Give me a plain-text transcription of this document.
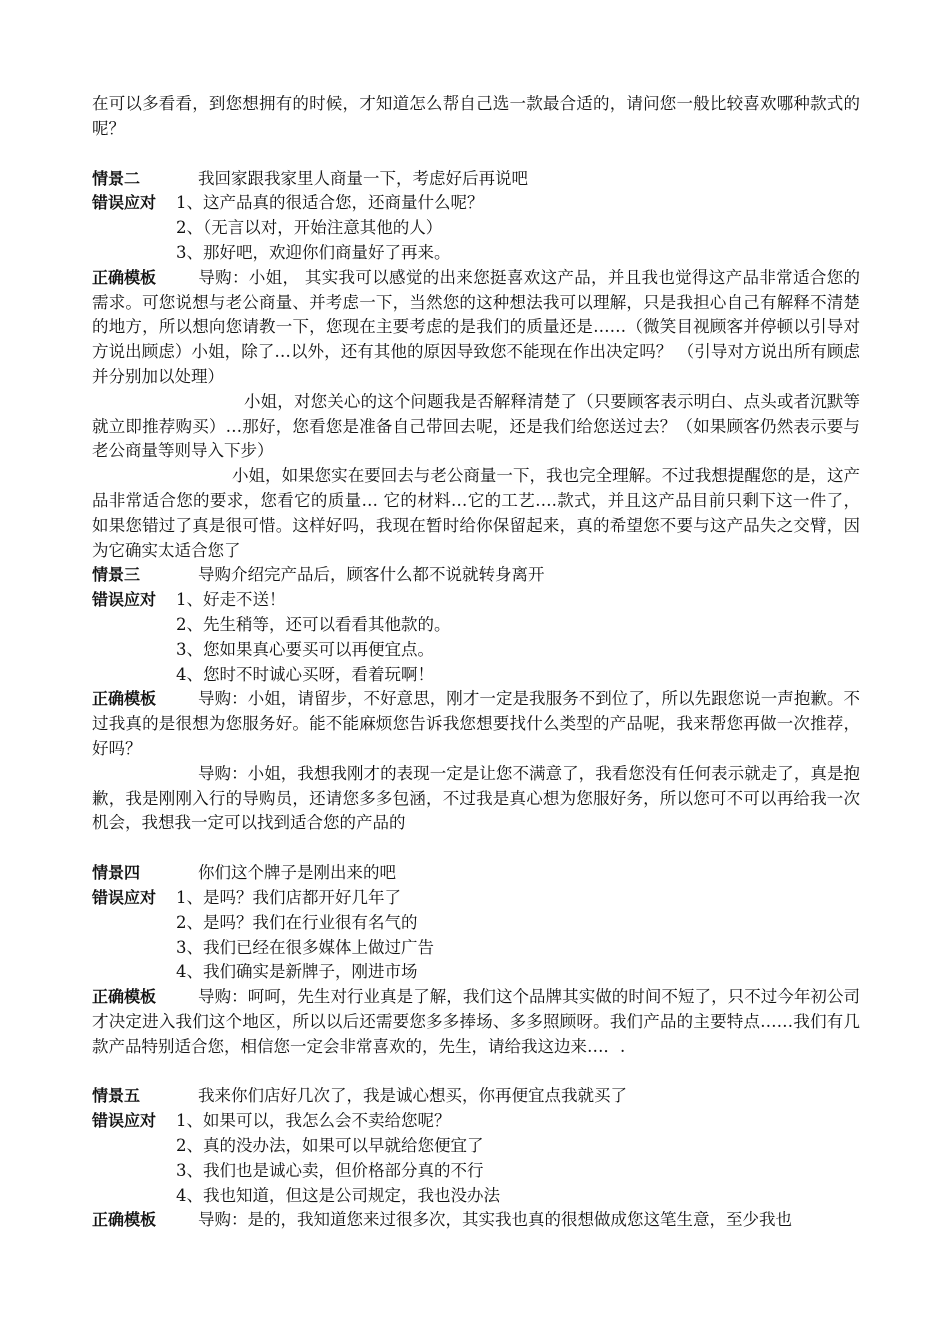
在可以多看看，到您想拥有的时候，才知道怎么帮自己选一款最合适的，请问您一般比较喜欢哪种款式的呢？

情景二	我回家跟我家里人商量一下，考虑好后再说吧
错误应对 1、这产品真的很适合您，还商量什么呢？
2、（无言以对，开始注意其他的人）
3、那好吧，欢迎你们商量好了再来。

正确模板	导购：小姐， 其实我可以感觉的出来您挺喜欢这产品，并且我也觉得这产品非常适合您的需求。可您说想与老公商量、并考虑一下，当然您的这种想法我可以理解，只是我担心自己有解释不清楚的地方，所以想向您请教一下，您现在主要考虑的是我们的质量还是……（微笑目视顾客并停顿以引导对方说出顾虑）小姐，除了…以外，还有其他的原因导致您不能现在作出决定吗？ （引导对方说出所有顾虑并分别加以处理）

小姐，对您关心的这个问题我是否解释清楚了（只要顾客表示明白、点头或者沉默等就立即推荐购买）…那好，您看您是准备自己带回去呢，还是我们给您送过去？（如果顾客仍然表示要与老公商量等则导入下步）

小姐，如果您实在要回去与老公商量一下，我也完全理解。不过我想提醒您的是，这产品非常适合您的要求，您看它的质量… 它的材料…它的工艺….款式，并且这产品目前只剩下这一件了，如果您错过了真是很可惜。这样好吗，我现在暂时给你保留起来，真的希望您不要与这产品失之交臂，因为它确实太适合您了

情景三	导购介绍完产品后，顾客什么都不说就转身离开
错误应对 1、好走不送！
2、先生稍等，还可以看看其他款的。
3、您如果真心要买可以再便宜点。
4、您时不时诚心买呀，看着玩啊！

正确模板	导购：小姐，请留步，不好意思，刚才一定是我服务不到位了，所以先跟您说一声抱歉。不过我真的是很想为您服务好。能不能麻烦您告诉我您想要找什么类型的产品呢，我来帮您再做一次推荐，好吗？

导购：小姐，我想我刚才的表现一定是让您不满意了，我看您没有任何表示就走了，真是抱歉，我是刚刚入行的导购员，还请您多多包涵，不过我是真心想为您服好务，所以您可不可以再给我一次机会，我想我一定可以找到适合您的产品的

情景四	你们这个牌子是刚出来的吧
错误应对 1、是吗？我们店都开好几年了
2、是吗？我们在行业很有名气的
3、我们已经在很多媒体上做过广告
4、我们确实是新牌子，刚进市场

正确模板	导购：呵呵，先生对行业真是了解，我们这个品牌其实做的时间不短了，只不过今年初公司才决定进入我们这个地区，所以以后还需要您多多捧场、多多照顾呀。我们产品的主要特点……我们有几款产品特别适合您，相信您一定会非常喜欢的，先生，请给我这边来…．.

情景五	我来你们店好几次了，我是诚心想买，你再便宜点我就买了
错误应对 1、如果可以，我怎么会不卖给您呢？
2、真的没办法，如果可以早就给您便宜了
3、我们也是诚心卖，但价格部分真的不行
4、我也知道，但这是公司规定，我也没办法

正确模板	导购：是的，我知道您来过很多次，其实我也真的很想做成您这笔生意，至少我也
